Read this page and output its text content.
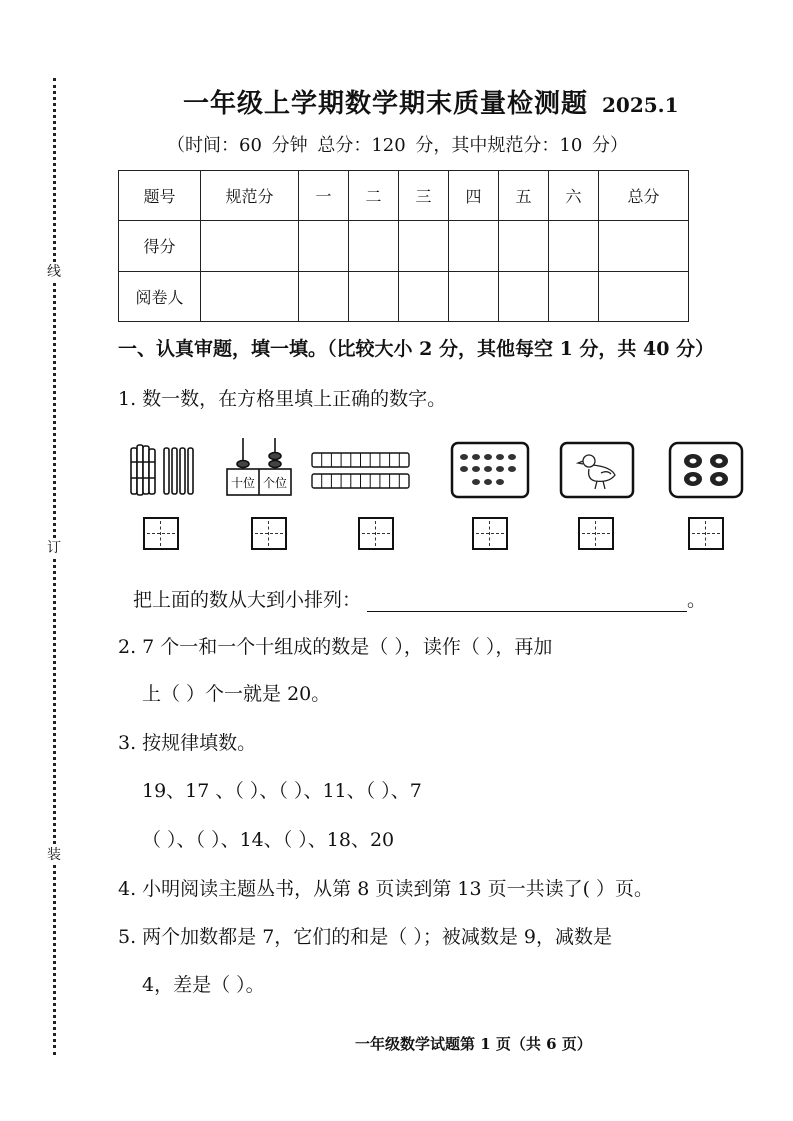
线
订
装
一年级上学期数学期末质量检测题 2025.1
（时间：60 分钟 总分：120 分，其中规范分：10 分）
题号	规范分	一	二	三	四	五	六	总分
得分								
阅卷人								
一、认真审题，填一填。（比较大小 2 分，其他每空 1 分，共 40 分）
1. 数一数，在方格里填上正确的数字。
十位 个位
把上面的数从大到小排列：	。
2. 7 个一和一个十组成的数是（ ），读作（ ），再加
上（ ）个一就是 20。
3. 按规律填数。
19、17 、（ ）、（ ）、11、（ ）、7
（ ）、（ ）、14、（ ）、18、20
4. 小明阅读主题丛书，从第 8 页读到第 13 页一共读了( ）页。
5. 两个加数都是 7，它们的和是（ ）；被减数是 9，减数是
4，差是（ ）。
一年级数学试题第 1 页（共 6 页）
